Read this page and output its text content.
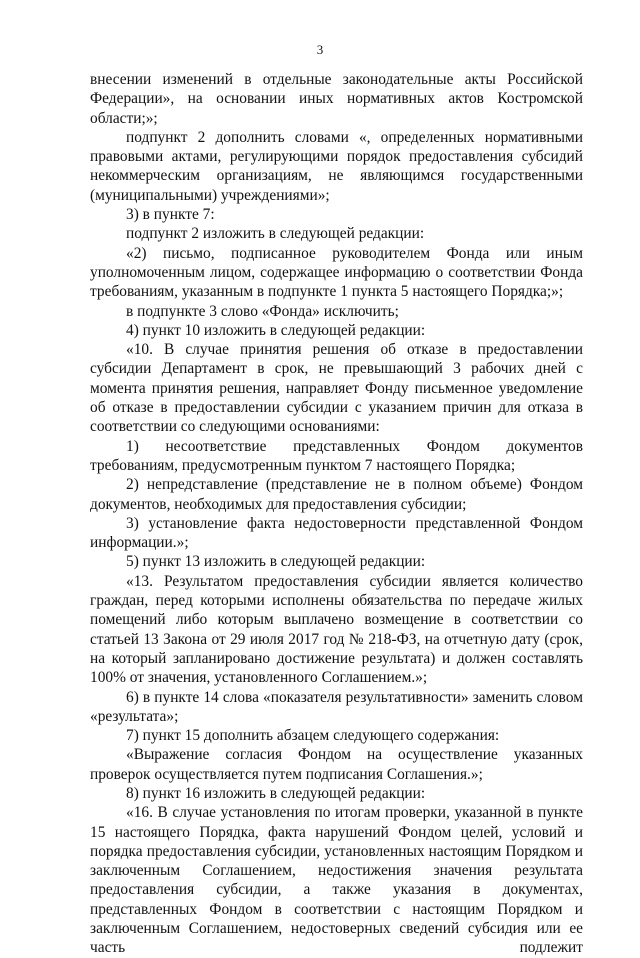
3

внесении изменений в отдельные законодательные акты Российской Федерации», на основании иных нормативных актов Костромской области;»;

подпункт 2 дополнить словами «, определенных нормативными правовыми актами, регулирующими порядок предоставления субсидий некоммерческим организациям, не являющимся государственными (муниципальными) учреждениями»;

3) в пункте 7:

подпункт 2 изложить в следующей редакции:

«2) письмо, подписанное руководителем Фонда или иным уполномоченным лицом, содержащее информацию о соответствии Фонда требованиям, указанным в подпункте 1 пункта 5 настоящего Порядка;»;

в подпункте 3 слово «Фонда» исключить;

4) пункт 10 изложить в следующей редакции:

«10. В случае принятия решения об отказе в предоставлении субсидии Департамент в срок, не превышающий 3 рабочих дней с момента принятия решения, направляет Фонду письменное уведомление об отказе в предоставлении субсидии с указанием причин для отказа в соответствии со следующими основаниями:

1) несоответствие представленных Фондом документов требованиям, предусмотренным пунктом 7 настоящего Порядка;

2) непредставление (представление не в полном объеме) Фондом документов, необходимых для предоставления субсидии;

3) установление факта недостоверности представленной Фондом информации.»;

5) пункт 13 изложить в следующей редакции:

«13. Результатом предоставления субсидии является количество граждан, перед которыми исполнены обязательства по передаче жилых помещений либо которым выплачено возмещение в соответствии со статьей 13 Закона от 29 июля 2017 год № 218-ФЗ, на отчетную дату (срок, на который запланировано достижение результата) и должен составлять 100% от значения, установленного Соглашением.»;

6) в пункте 14 слова «показателя результативности» заменить словом «результата»;

7) пункт 15 дополнить абзацем следующего содержания:

«Выражение согласия Фондом на осуществление указанных проверок осуществляется путем подписания Соглашения.»;

8) пункт 16 изложить в следующей редакции:

«16. В случае установления по итогам проверки, указанной в пункте 15 настоящего Порядка, факта нарушений Фондом целей, условий и порядка предоставления субсидии, установленных настоящим Порядком и заключенным Соглашением, недостижения значения результата предоставления субсидии, а также указания в документах, представленных Фондом в соответствии с настоящим Порядком и заключенным Соглашением, недостоверных сведений субсидия или ее часть подлежит
